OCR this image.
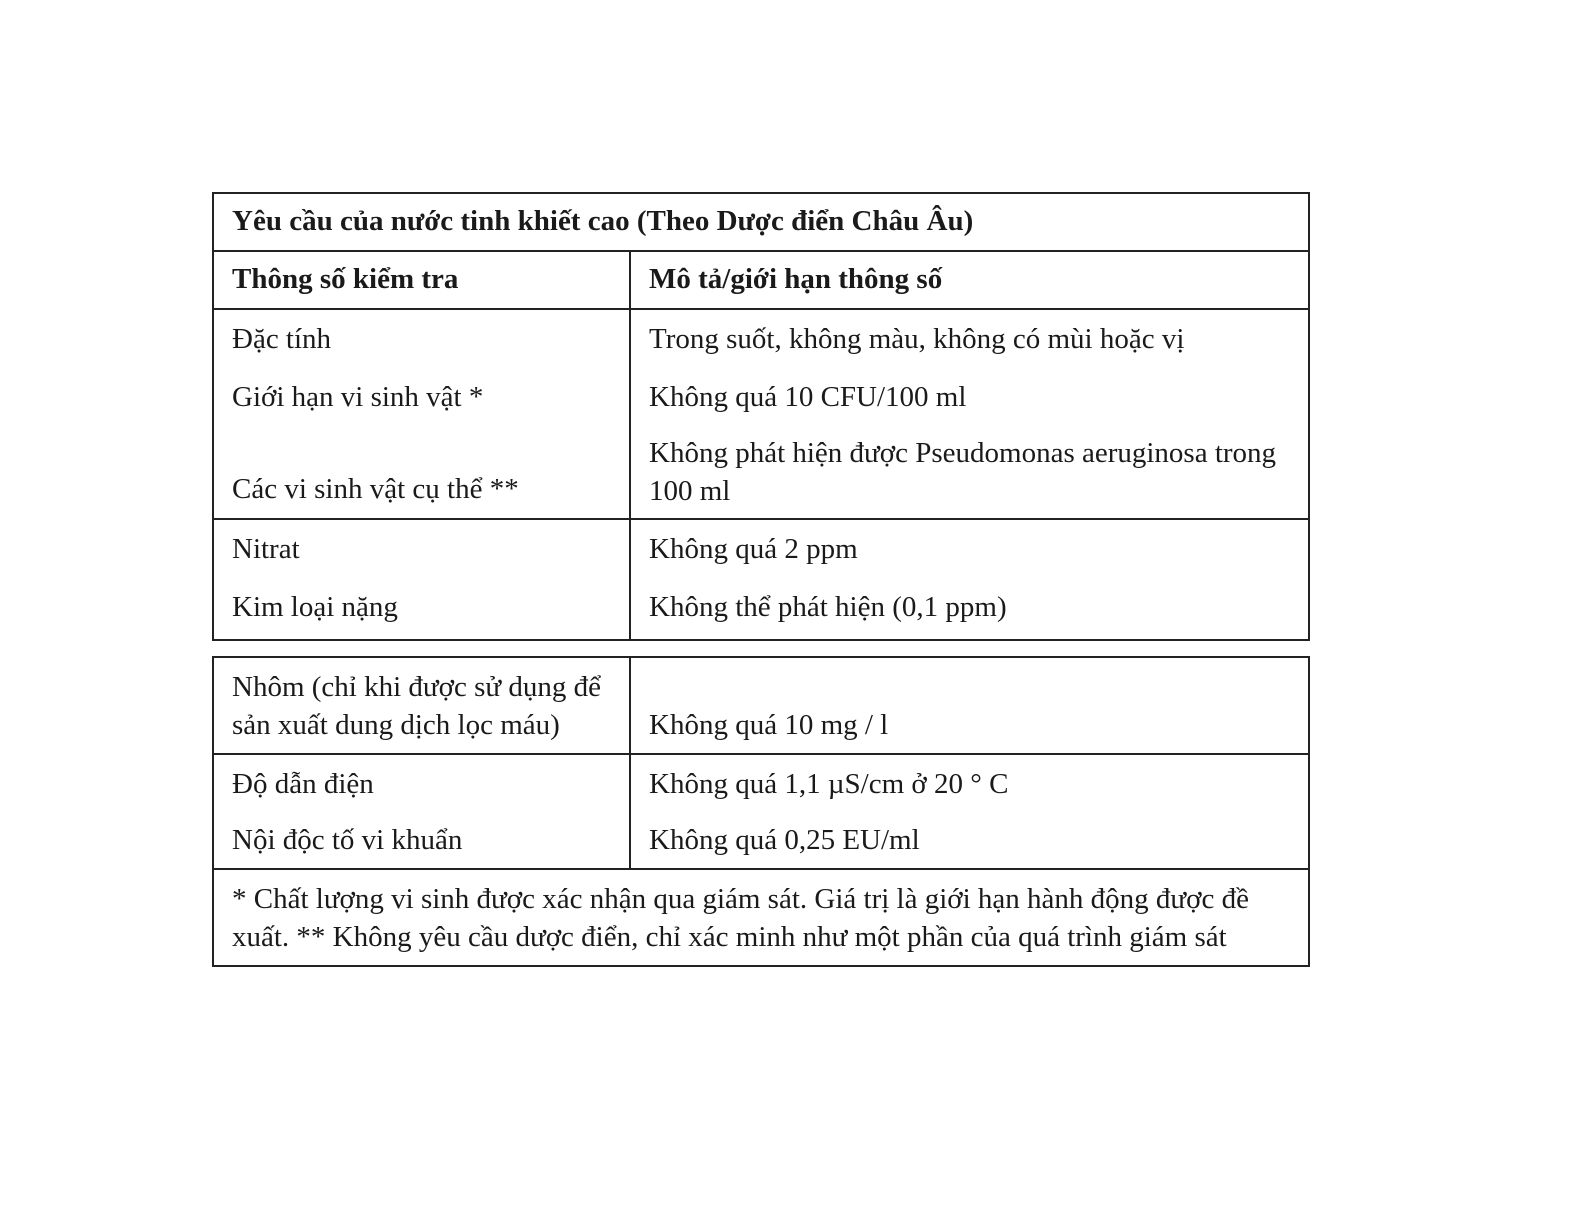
Yêu cầu của nước tinh khiết cao (Theo Dược điển Châu Âu)
Thông số kiểm tra	Mô tả/giới hạn thông số
Đặc tính
Giới hạn vi sinh vật *
Các vi sinh vật cụ thể **
Trong suốt, không màu, không có mùi hoặc vị
Không quá 10 CFU/100 ml
Không phát hiện được Pseudomonas aeruginosa trong 100 ml
Nitrat
Kim loại nặng
Không quá 2 ppm
Không thể phát hiện (0,1 ppm)
Nhôm (chỉ khi được sử dụng để sản xuất dung dịch lọc máu)	Không quá 10 mg / l
Độ dẫn điện
Nội độc tố vi khuẩn
Không quá 1,1 µS/cm ở 20 ° C
Không quá 0,25 EU/ml
* Chất lượng vi sinh được xác nhận qua giám sát. Giá trị là giới hạn hành động được đề xuất. ** Không yêu cầu dược điển, chỉ xác minh như một phần của quá trình giám sát
